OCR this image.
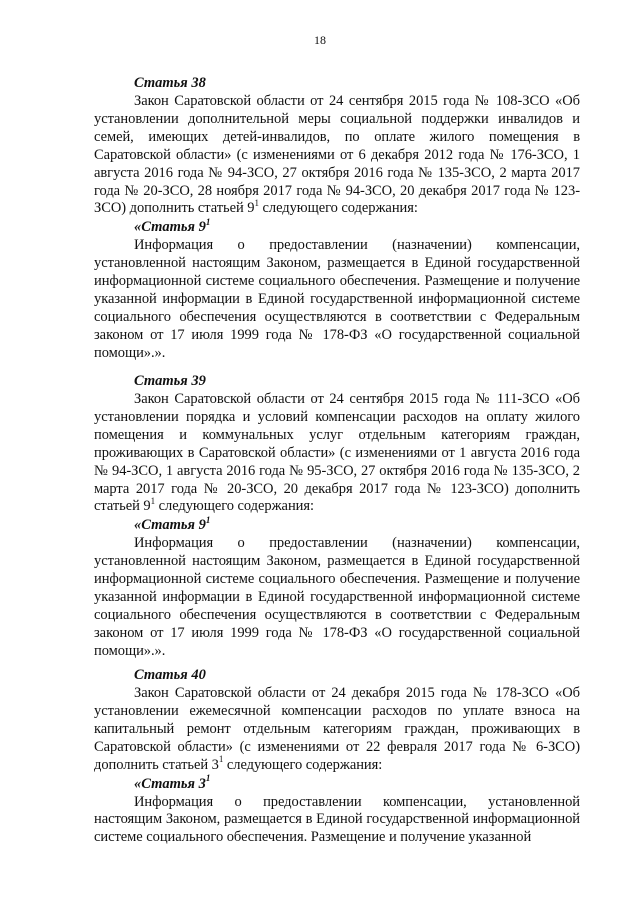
18
Статья 38

Закон Саратовской области от 24 сентября 2015 года № 108-ЗСО «Об установлении дополнительной меры социальной поддержки инвалидов и семей, имеющих детей-инвалидов, по оплате жилого помещения в Саратовской области» (с изменениями от 6 декабря 2012 года № 176-ЗСО, 1 августа 2016 года № 94-ЗСО, 27 октября 2016 года № 135-ЗСО, 2 марта 2017 года № 20-ЗСО, 28 ноября 2017 года № 94-ЗСО, 20 декабря 2017 года № 123-ЗСО) дополнить статьей $9^1$ следующего содержания:

«Статья $9^1$

Информация о предоставлении (назначении) компенсации, установленной настоящим Законом, размещается в Единой государственной информационной системе социального обеспечения. Размещение и получение указанной информации в Единой государственной информационной системе социального обеспечения осуществляются в соответствии с Федеральным законом от 17 июля 1999 года № 178-ФЗ «О государственной социальной помощи».».

Статья 39

Закон Саратовской области от 24 сентября 2015 года № 111-ЗСО «Об установлении порядка и условий компенсации расходов на оплату жилого помещения и коммунальных услуг отдельным категориям граждан, проживающих в Саратовской области» (с изменениями от 1 августа 2016 года № 94-ЗСО, 1 августа 2016 года № 95-ЗСО, 27 октября 2016 года № 135-ЗСО, 2 марта 2017 года № 20-ЗСО, 20 декабря 2017 года № 123-ЗСО) дополнить статьей $9^1$ следующего содержания:

«Статья $9^1$

Информация о предоставлении (назначении) компенсации, установленной настоящим Законом, размещается в Единой государственной информационной системе социального обеспечения. Размещение и получение указанной информации в Единой государственной информационной системе социального обеспечения осуществляются в соответствии с Федеральным законом от 17 июля 1999 года № 178-ФЗ «О государственной социальной помощи».».

Статья 40

Закон Саратовской области от 24 декабря 2015 года № 178-ЗСО «Об установлении ежемесячной компенсации расходов по уплате взноса на капитальный ремонт отдельным категориям граждан, проживающих в Саратовской области» (с изменениями от 22 февраля 2017 года № 6-ЗСО) дополнить статьей $3^1$ следующего содержания:

«Статья $3^1$

Информация о предоставлении компенсации, установленной настоящим Законом, размещается в Единой государственной информационной системе социального обеспечения. Размещение и получение указанной
